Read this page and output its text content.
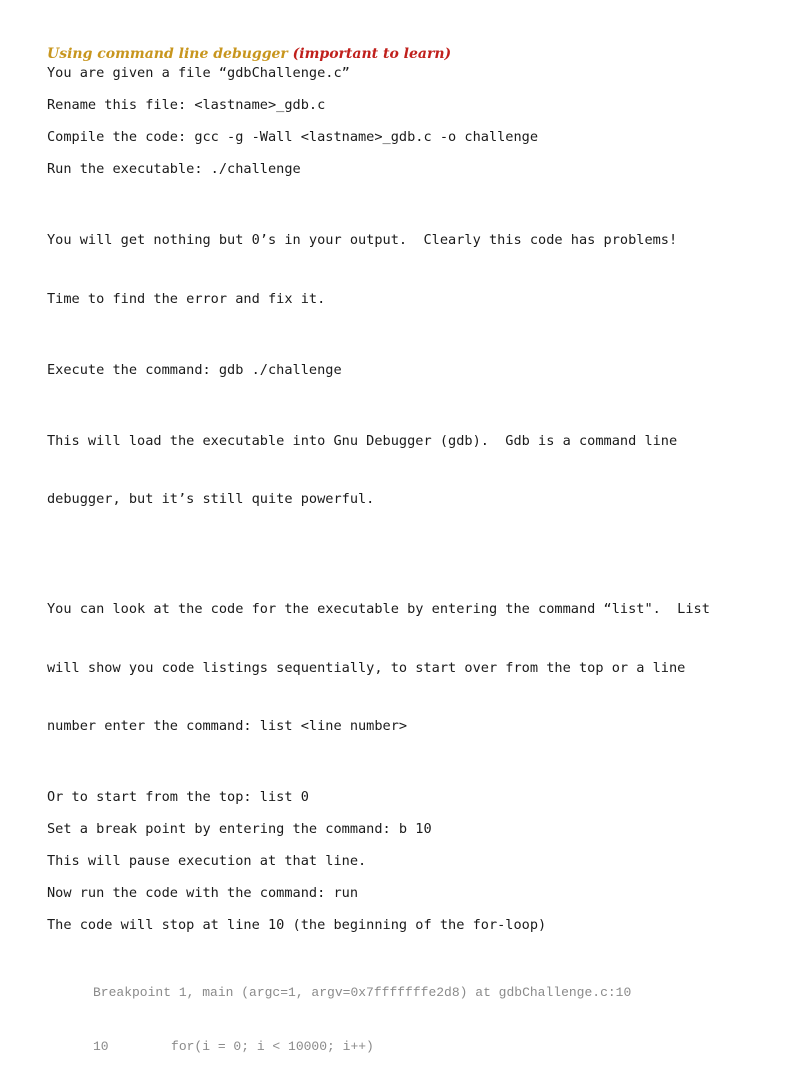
Using command line debugger (important to learn)

You are given a file “gdbChallenge.c”
Rename this file: <lastname>_gdb.c
Compile the code: gcc -g -Wall <lastname>_gdb.c -o challenge
Run the executable: ./challenge

You will get nothing but 0’s in your output.  Clearly this code has problems!

Time to find the error and fix it.

Execute the command: gdb ./challenge

This will load the executable into Gnu Debugger (gdb).  Gdb is a command line

debugger, but it’s still quite powerful.

You can look at the code for the executable by entering the command “list".  List

will show you code listings sequentially, to start over from the top or a line

number enter the command: list <line number>

Or to start from the top: list 0
Set a break point by entering the command: b 10
This will pause execution at that line.
Now run the code with the command: run
The code will stop at line 10 (the beginning of the for-loop)

Breakpoint 1, main (argc=1, argv=0x7fffffffe2d8) at gdbChallenge.c:10

10        for(i = 0; i < 10000; i++)
